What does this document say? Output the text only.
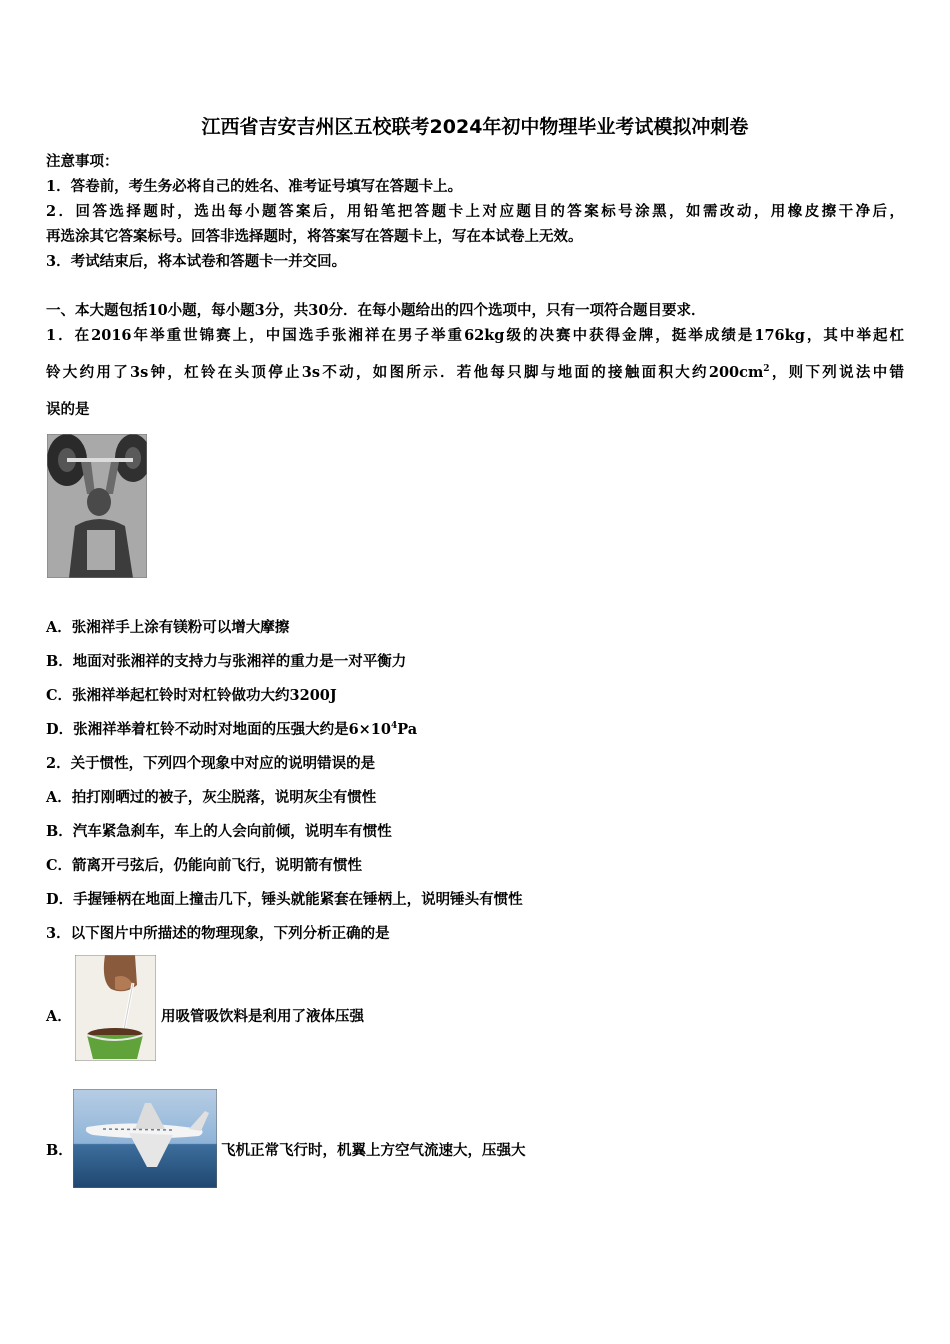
江西省吉安吉州区五校联考2024年初中物理毕业考试模拟冲刺卷
注意事项：
1．答卷前，考生务必将自己的姓名、准考证号填写在答题卡上。
2．回答选择题时，选出每小题答案后，用铅笔把答题卡上对应题目的答案标号涂黑，如需改动，用橡皮擦干净后，
再选涂其它答案标号。回答非选择题时，将答案写在答题卡上，写在本试卷上无效。
3．考试结束后，将本试卷和答题卡一并交回。
一、本大题包括10小题，每小题3分，共30分．在每小题给出的四个选项中，只有一项符合题目要求．
1．在2016年举重世锦赛上，中国选手张湘祥在男子举重62kg级的决赛中获得金牌，挺举成绩是176kg，其中举起杠
铃大约用了3s钟，杠铃在头顶停止3s不动，如图所示．若他每只脚与地面的接触面积大约$200cm^2$，则下列说法中错
误的是
A．张湘祥手上涂有镁粉可以增大摩擦
B．地面对张湘祥的支持力与张湘祥的重力是一对平衡力
C．张湘祥举起杠铃时对杠铃做功大约3200J
D．张湘祥举着杠铃不动时对地面的压强大约是$6\times 10^4Pa$
2．关于惯性，下列四个现象中对应的说明错误的是
A．拍打刚晒过的被子，灰尘脱落，说明灰尘有惯性
B．汽车紧急刹车，车上的人会向前倾，说明车有惯性
C．箭离开弓弦后，仍能向前飞行，说明箭有惯性
D．手握锤柄在地面上撞击几下，锤头就能紧套在锤柄上，说明锤头有惯性
3．以下图片中所描述的物理现象，下列分析正确的是
A．	用吸管吸饮料是利用了液体压强
B．	飞机正常飞行时，机翼上方空气流速大，压强大
